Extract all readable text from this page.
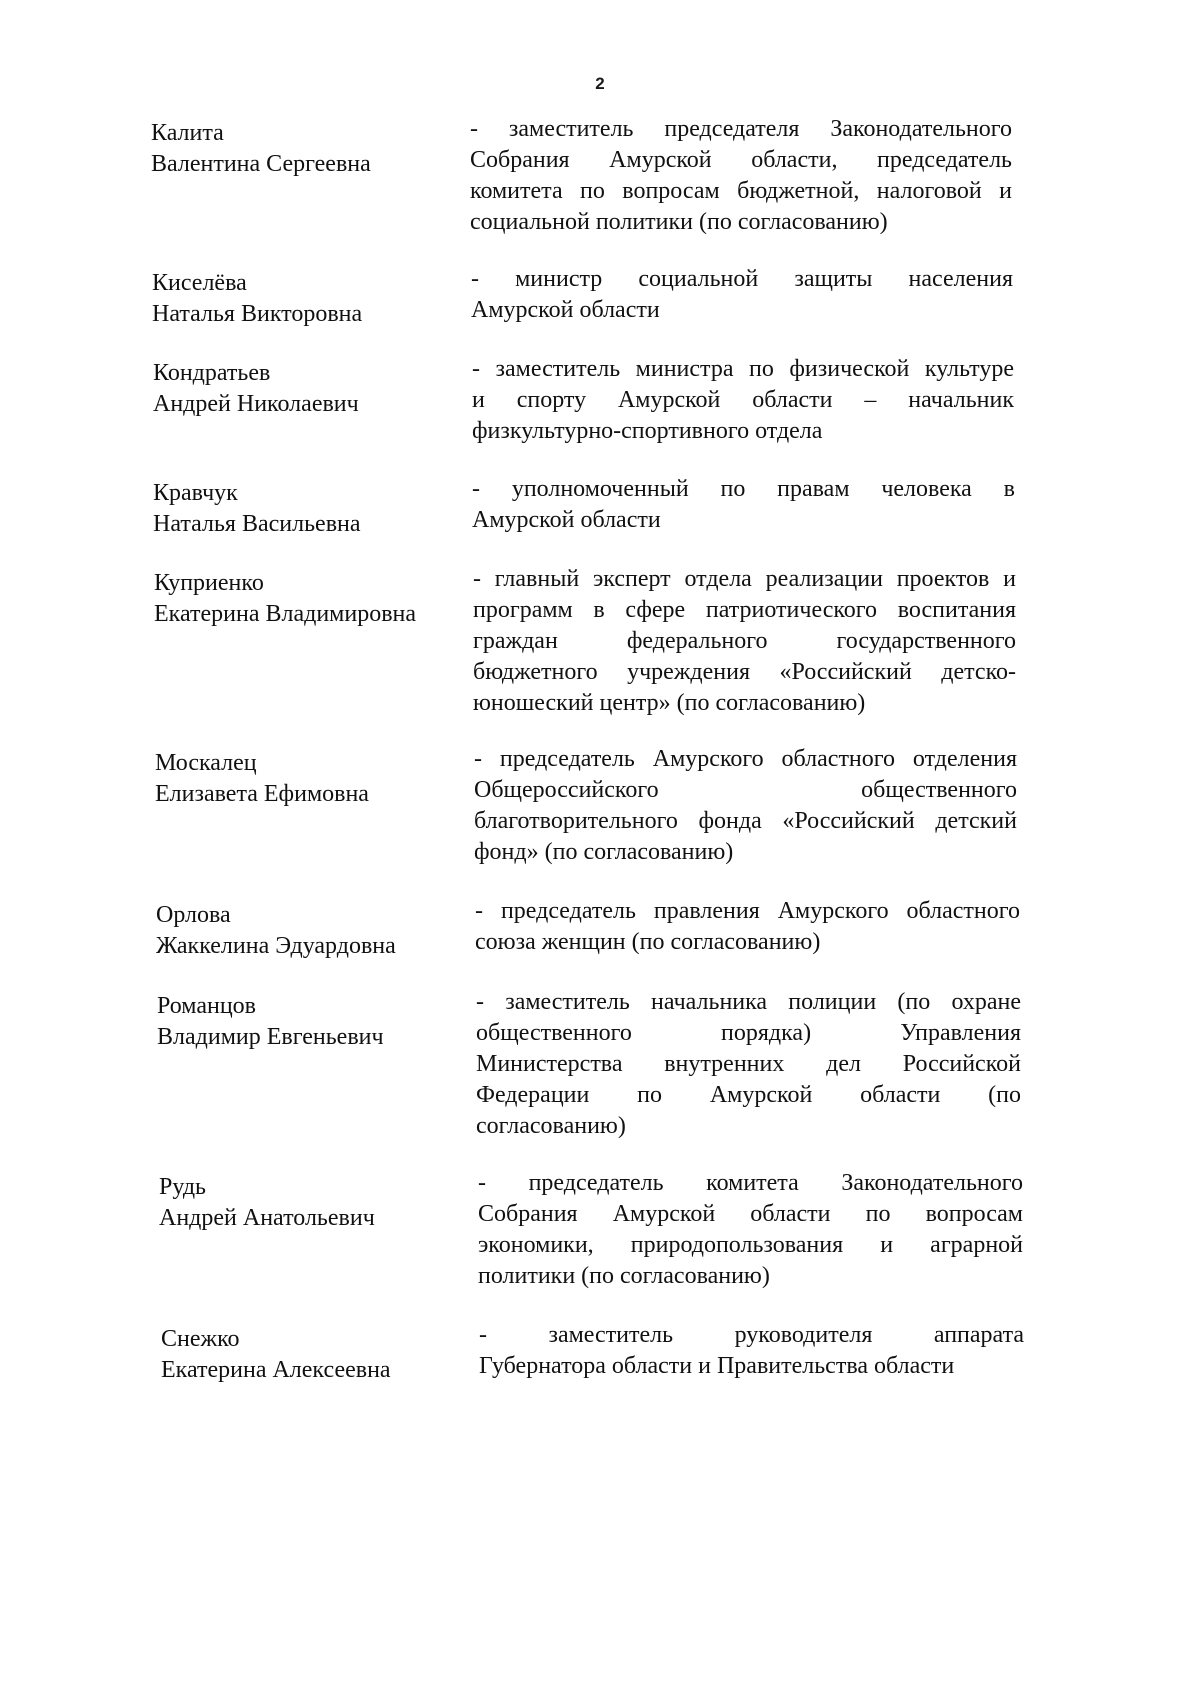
2
Калита
Валентина Сергеевна
- заместитель председателя Законодательного
Собрания Амурской области, председатель
комитета по вопросам бюджетной, налоговой и
социальной политики (по согласованию)
Киселёва
Наталья Викторовна
- министр социальной защиты населения
Амурской области
Кондратьев
Андрей Николаевич
- заместитель министра по физической культуре
и спорту Амурской области – начальник
физкультурно-спортивного отдела
Кравчук
Наталья Васильевна
- уполномоченный по правам человека в
Амурской области
Куприенко
Екатерина Владимировна
- главный эксперт отдела реализации проектов и
программ в сфере патриотического воспитания
граждан федерального государственного
бюджетного учреждения «Российский детско-
юношеский центр» (по согласованию)
Москалец
Елизавета Ефимовна
- председатель Амурского областного отделения
Общероссийского общественного
благотворительного фонда «Российский детский
фонд» (по согласованию)
Орлова
Жаккелина Эдуардовна
- председатель правления Амурского областного
союза женщин (по согласованию)
Романцов
Владимир Евгеньевич
- заместитель начальника полиции (по охране
общественного порядка) Управления
Министерства внутренних дел Российской
Федерации по Амурской области (по
согласованию)
Рудь
Андрей Анатольевич
- председатель комитета Законодательного
Собрания Амурской области по вопросам
экономики, природопользования и аграрной
политики (по согласованию)
Снежко
Екатерина Алексеевна
- заместитель руководителя аппарата
Губернатора области и Правительства области
